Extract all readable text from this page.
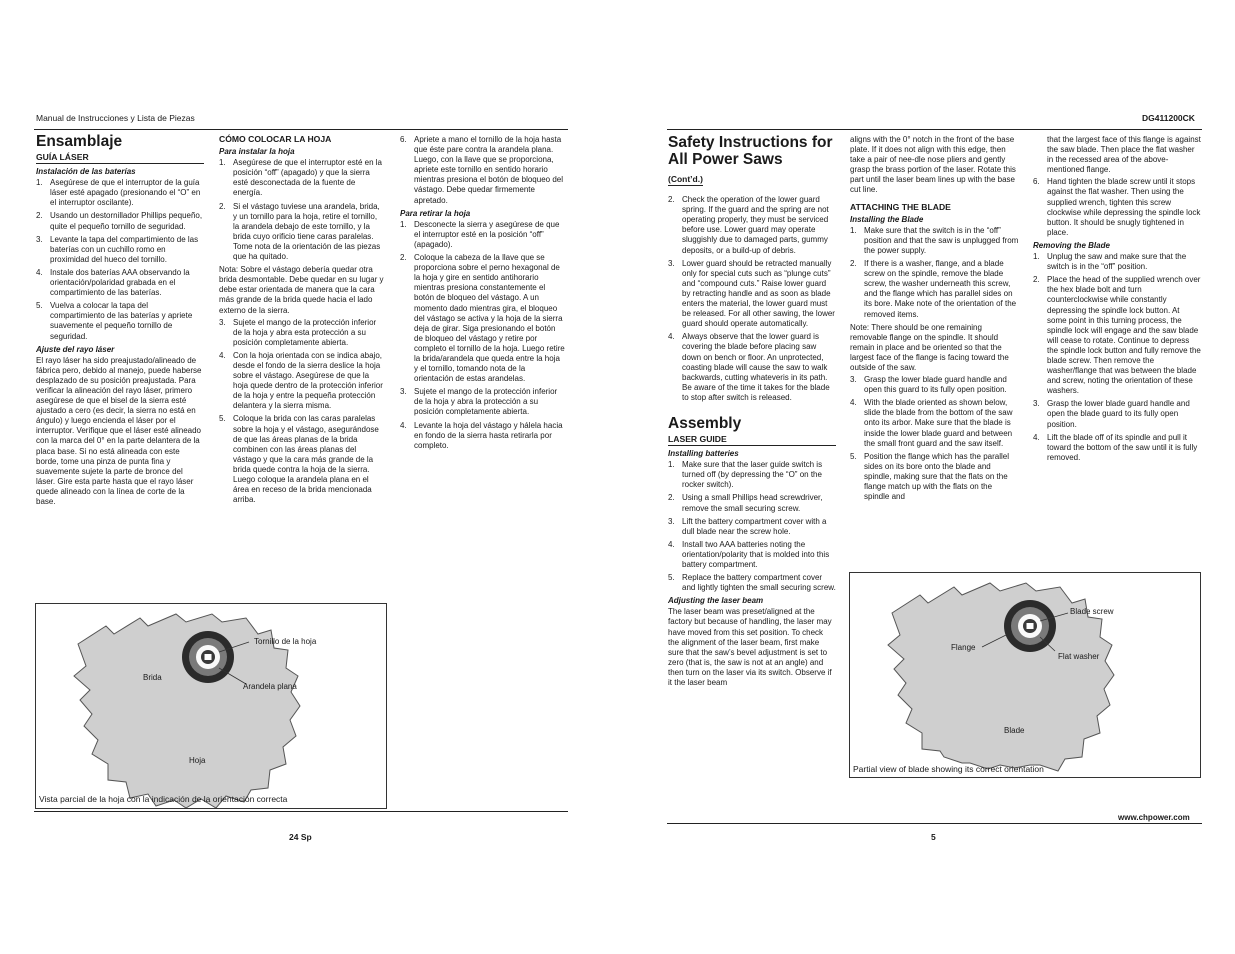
Manual de Instrucciones y Lista de Piezas
Ensamblaje
GUÍA LÁSER
Instalación de las baterías
1. Asegúrese de que el interruptor de la guía láser esté apagado (presionando el “O” en el interruptor oscilante).
2. Usando un destornillador Phillips pequeño, quite el pequeño tornillo de seguridad.
3. Levante la tapa del compartimiento de las baterías con un cuchillo romo en proximidad del hueco del tornillo.
4. Instale dos baterías AAA observando la orientación/polaridad grabada en el compartimiento de las baterías.
5. Vuelva a colocar la tapa del compartimiento de las baterías y apriete suavemente el pequeño tornillo de seguridad.
Ajuste del rayo láser

El rayo láser ha sido preajustado/alineado de fábrica pero, debido al manejo, puede haberse desplazado de su posición preajustada. Para verificar la alineación del rayo láser, primero asegúrese de que el bisel de la sierra esté ajustado a cero (es decir, la sierra no está en ángulo) y luego encienda el láser por el interruptor. Verifique que el láser esté alineado con la marca del 0° en la parte delantera de la placa base. Si no está alineada con este borde, tome una pinza de punta fina y suavemente sujete la parte de bronce del láser. Gire esta parte hasta que el rayo láser quede alineado con la línea de corte de la base.

CÓMO COLOCAR LA HOJA
Para instalar la hoja
1. Asegúrese de que el interruptor esté en la posición “off” (apagado) y que la sierra esté desconectada de la fuente de energía.
2. Si el vástago tuviese una arandela, brida, y un tornillo para la hoja, retire el tornillo, la arandela debajo de este tornillo, y la brida cuyo orificio tiene caras paralelas. Tome nota de la orientación de las piezas que ha quitado.

Nota: Sobre el vástago debería quedar otra brida desmontable. Debe quedar en su lugar y debe estar orientada de manera que la cara más grande de la brida quede hacia el lado externo de la sierra.

3. Sujete el mango de la protección inferior de la hoja y abra esta protección a su posición completamente abierta.
4. Con la hoja orientada con se indica abajo, desde el fondo de la sierra deslice la hoja sobre el vástago. Asegúrese de que la hoja quede dentro de la protección inferior de la hoja y entre la pequeña protección delantera y la sierra misma.
5. Coloque la brida con las caras paralelas sobre la hoja y el vástago, asegurándose de que las áreas planas de la brida combinen con las áreas planas del vástago y que la cara más grande de la brida quede contra la hoja de la sierra. Luego coloque la arandela plana en el área en receso de la brida mencionada arriba.
6. Apriete a mano el tornillo de la hoja hasta que éste pare contra la arandela plana. Luego, con la llave que se proporciona, apriete este tornillo en sentido horario mientras presiona el botón de bloqueo del vástago. Debe quedar firmemente apretado.
Para retirar la hoja
1. Desconecte la sierra y asegúrese de que el interruptor esté en la posición “off” (apagado).
2. Coloque la cabeza de la llave que se proporciona sobre el perno hexagonal de la hoja y gire en sentido antihorario mientras presiona constantemente el botón de bloqueo del vástago. A un momento dado mientras gira, el bloqueo del vástago se activa y la hoja de la sierra deja de girar. Siga presionando el botón de bloqueo del vástago y retire por completo el tornillo de la hoja. Luego retire la brida/arandela que queda entre la hoja y el tornillo, tomando nota de la orientación de estas arandelas.
3. Sujete el mango de la protección inferior de la hoja y abra la protección a su posición completamente abierta.
4. Levante la hoja del vástago y hálela hacia en fondo de la sierra hasta retirarla por completo.
Tornillo de la hoja
Brida
Arandela plana
Hoja
Vista parcial de la hoja con la indicación de la orientación correcta
24 Sp
DG411200CK
Safety Instructions for All Power Saws
(Cont’d.)
2. Check the operation of the lower guard spring. If the guard and the spring are not operating properly, they must be serviced before use. Lower guard may operate sluggishly due to damaged parts, gummy deposits, or a build-up of debris.
3. Lower guard should be retracted manually only for special cuts such as “plunge cuts” and “compound cuts.” Raise lower guard by retracting handle and as soon as blade enters the material, the lower guard must be released. For all other sawing, the lower guard should operate automatically.
4. Always observe that the lower guard is covering the blade before placing saw down on bench or floor. An unprotected, coasting blade will cause the saw to walk backwards, cutting whateveris in its path. Be aware of the time it takes for the blade to stop after switch is released.
Assembly
LASER GUIDE
Installing batteries
1. Make sure that the laser guide switch is turned off (by depressing the “O” on the rocker switch).
2. Using a small Phillips head screwdriver, remove the small securing screw.
3. Lift the battery compartment cover with a dull blade near the screw hole.
4. Install two AAA batteries noting the orientation/polarity that is molded into this battery compartment.
5. Replace the battery compartment cover and lightly tighten the small securing screw.
Adjusting the laser beam

The laser beam was preset/aligned at the factory but because of handling, the laser may have moved from this set position. To check the alignment of the laser beam, first make sure that the saw’s bevel adjustment is set to zero (that is, the saw is not at an angle) and then turn on the laser via its switch. Observe if it the laser beam

aligns with the 0° notch in the front of the base plate. If it does not align with this edge, then take a pair of nee-dle nose pliers and gently grasp the brass portion of the laser. Rotate this part until the laser beam lines up with the base cut line.

ATTACHING THE BLADE
Installing the Blade
1. Make sure that the switch is in the “off” position and that the saw is unplugged from the power supply.
2. If there is a washer, flange, and a blade screw on the spindle, remove the blade screw, the washer underneath this screw, and the flange which has parallel sides on its bore. Make note of the orientation of the removed items.

Note: There should be one remaining removable flange on the spindle. It should remain in place and be oriented so that the largest face of the flange is facing toward the outside of the saw.

3. Grasp the lower blade guard handle and open this guard to its fully open position.
4. With the blade oriented as shown below, slide the blade from the bottom of the saw onto its arbor. Make sure that the blade is inside the lower blade guard and between the small front guard and the saw itself.
5. Position the flange which has the parallel sides on its bore onto the blade and spindle, making sure that the flats on the flange match up with the flats on the spindle and

that the largest face of this flange is against the saw blade. Then place the flat washer in the recessed area of the above-mentioned flange.

6. Hand tighten the blade screw until it stops against the flat washer. Then using the supplied wrench, tighten this screw clockwise while depressing the spindle lock button. It should be snugly tightened in place.
Removing the Blade
1. Unplug the saw and make sure that the switch is in the “off” position.
2. Place the head of the supplied wrench over the hex blade bolt and turn counterclockwise while constantly depressing the spindle lock button. At some point in this turning process, the spindle lock will engage and the saw blade will cease to rotate. Continue to depress the spindle lock button and fully remove the blade screw. Then remove the washer/flange that was between the blade and screw, noting the orientation of these washers.
3. Grasp the lower blade guard handle and open the blade guard to its fully open position.
4. Lift the blade off of its spindle and pull it toward the bottom of the saw until it is fully removed.
Blade screw
Flange
Flat washer
Blade
Partial view of blade showing its correct orientation
www.chpower.com
5
